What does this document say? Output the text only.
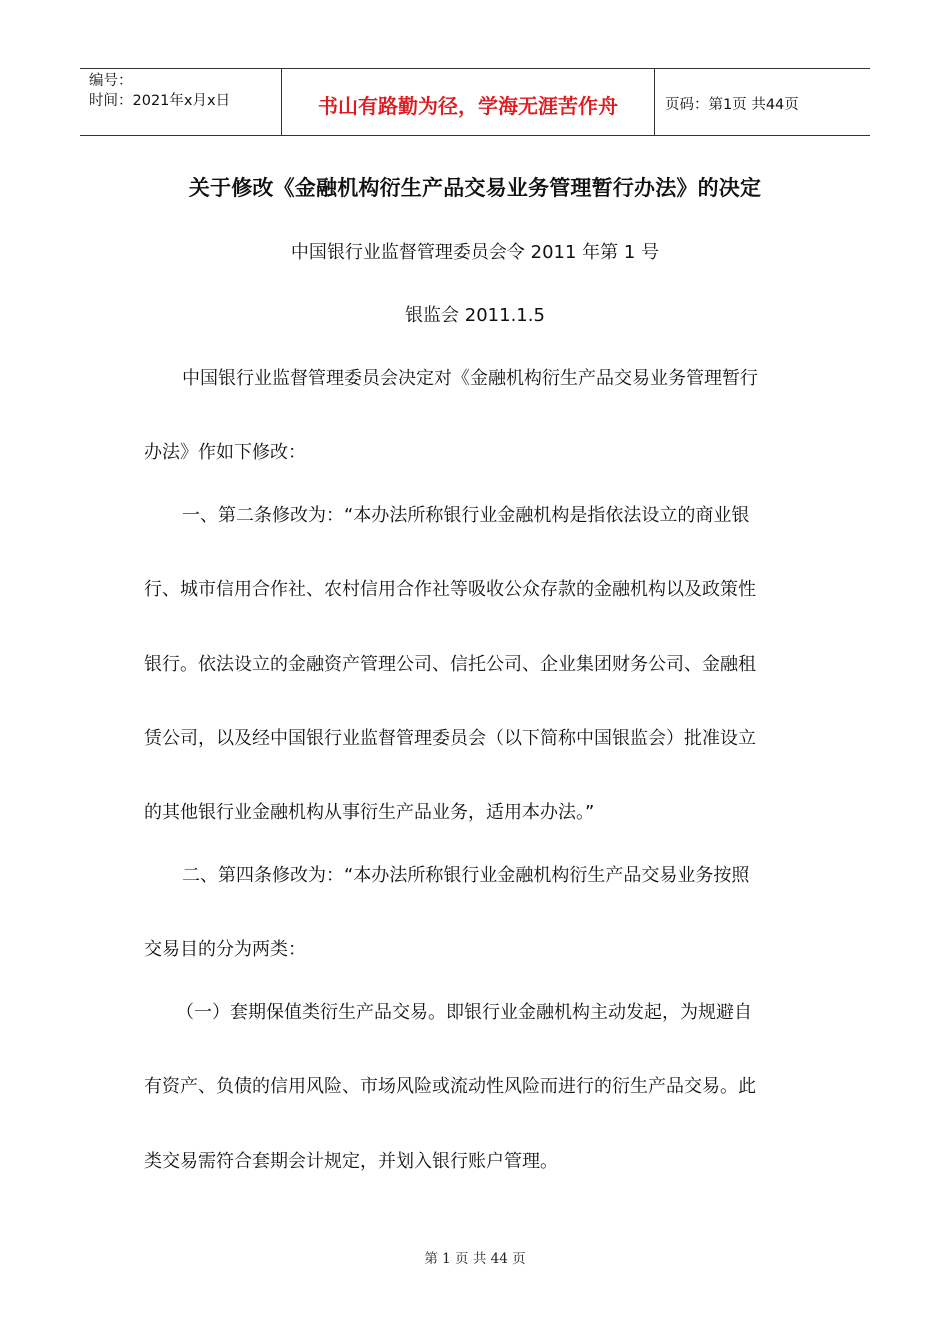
编号：
时间：2021年x月x日	书山有路勤为径，学海无涯苦作舟	页码：第1页 共44页
关于修改《金融机构衍生产品交易业务管理暂行办法》的决定
中国银行业监督管理委员会令 2011 年第 1 号
银监会 2011.1.5
中国银行业监督管理委员会决定对《金融机构衍生产品交易业务管理暂行
办法》作如下修改：
一、第二条修改为：“本办法所称银行业金融机构是指依法设立的商业银
行、城市信用合作社、农村信用合作社等吸收公众存款的金融机构以及政策性
银行。依法设立的金融资产管理公司、信托公司、企业集团财务公司、金融租
赁公司，以及经中国银行业监督管理委员会（以下简称中国银监会）批准设立
的其他银行业金融机构从事衍生产品业务，适用本办法。”
二、第四条修改为：“本办法所称银行业金融机构衍生产品交易业务按照
交易目的分为两类：
（一）套期保值类衍生产品交易。即银行业金融机构主动发起，为规避自
有资产、负债的信用风险、市场风险或流动性风险而进行的衍生产品交易。此
类交易需符合套期会计规定，并划入银行账户管理。
第 1 页 共 44 页
